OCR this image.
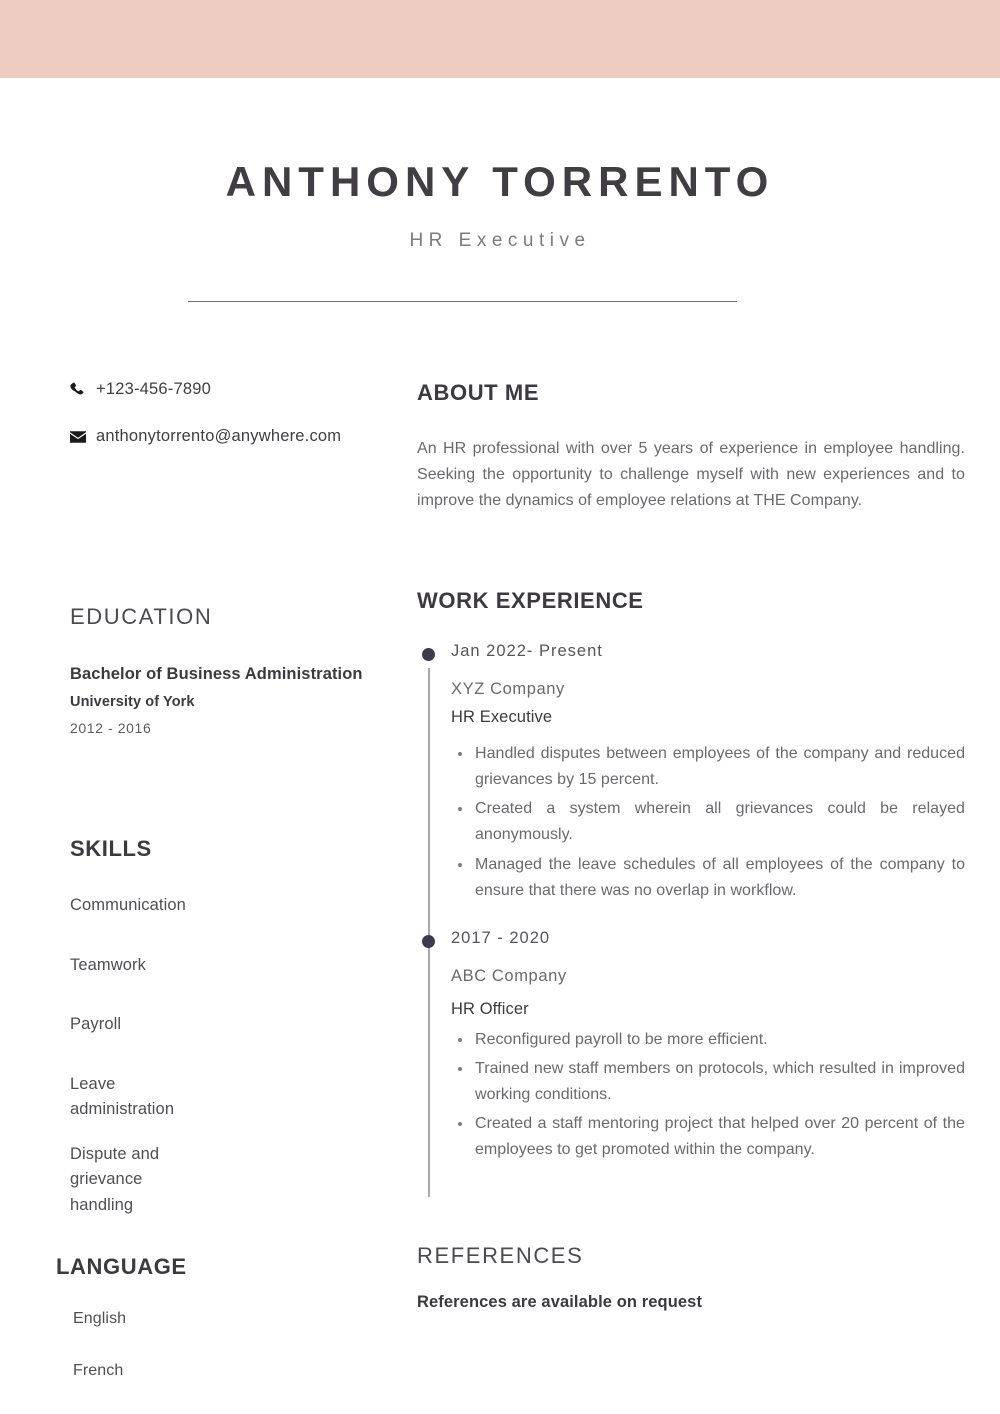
ANTHONY TORRENTO
HR Executive
+123-456-7890
anthonytorrento@anywhere.com
EDUCATION
Bachelor of Business Administration
University of York
2012 - 2016
SKILLS
Communication
Teamwork
Payroll
Leave administration
Dispute and grievance handling
LANGUAGE
English
French
ABOUT ME
An HR professional with over 5 years of experience in employee handling. Seeking the opportunity to challenge myself with new experiences and to improve the dynamics of employee relations at THE Company.
WORK EXPERIENCE
Jan 2022- Present
XYZ Company
HR Executive
Handled disputes between employees of the company and reduced grievances by 15 percent.
Created a system wherein all grievances could be relayed anonymously.
Managed the leave schedules of all employees of the company to ensure that there was no overlap in workflow.
2017 - 2020
ABC Company
HR Officer
Reconfigured payroll to be more efficient.
Trained new staff members on protocols, which resulted in improved working conditions.
Created a staff mentoring project that helped over 20 percent of the employees to get promoted within the company.
REFERENCES
References are available on request
